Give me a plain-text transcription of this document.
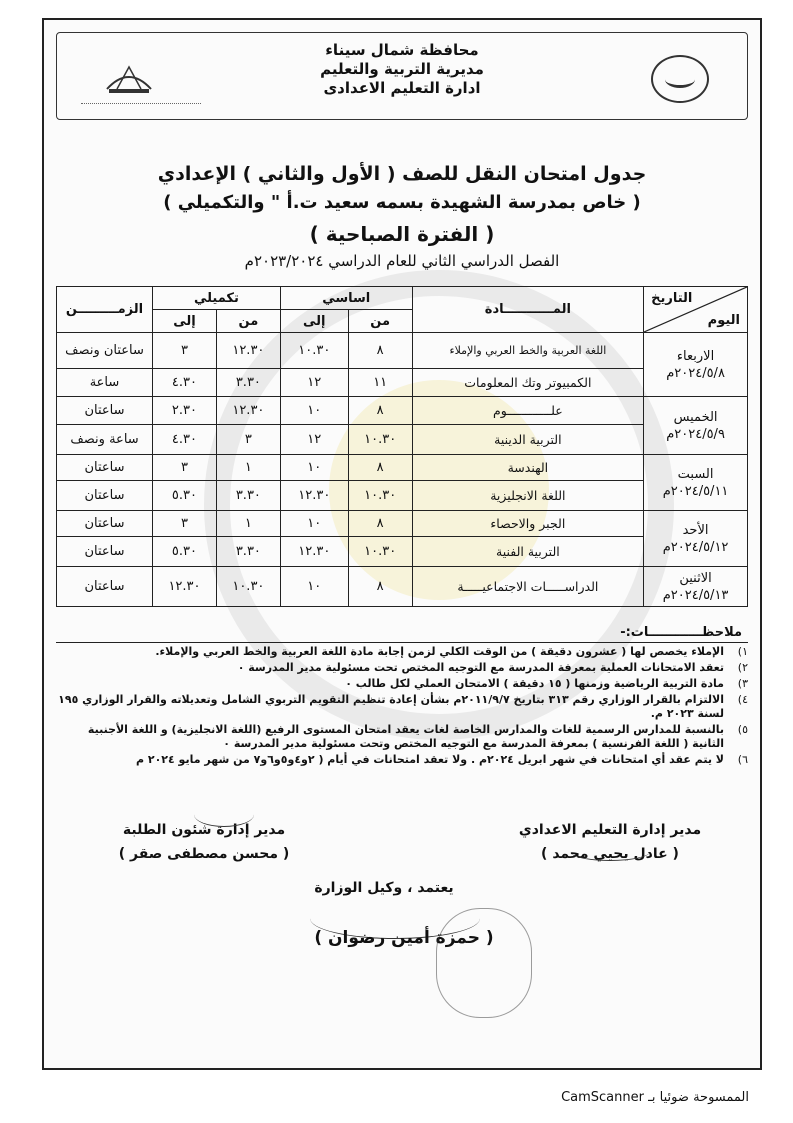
محافظة شمال سيناء
مديرية التربية والتعليم
ادارة التعليم الاعدادى
جدول امتحان النقل للصف ( الأول والثاني ) الإعدادي
( خاص بمدرسة الشهيدة بسمه سعيد ت.أ " والتكميلي )
( الفترة الصباحية )
الفصل الدراسي الثاني للعام الدراسي ٢٠٢٣/٢٠٢٤م
التاريخ
اليوم	المـــــــــــادة	اساسي		تكميلي		الزمـــــــــن
		من	إلى	من	إلى	

الاربعاء
٢٠٢٤/٥/٨م	اللغة العربية والخط العربي والإملاء	٨	١٠.٣٠	١٢.٣٠	٣	ساعتان ونصف
	الكمبيوتر وتك المعلومات	١١	١٢	٣.٣٠	٤.٣٠	ساعة

الخميس
٢٠٢٤/٥/٩م	علــــــــــــوم	٨	١٠	١٢.٣٠	٢.٣٠	ساعتان
	التربية الدينية	١٠.٣٠	١٢	٣	٤.٣٠	ساعة ونصف

السبت
٢٠٢٤/٥/١١م	الهندسة	٨	١٠	١	٣	ساعتان
	اللغة الانجليزية	١٠.٣٠	١٢.٣٠	٣.٣٠	٥.٣٠	ساعتان

الأحد
٢٠٢٤/٥/١٢م	الجبر والاحصاء	٨	١٠	١	٣	ساعتان
	التربية الفنية	١٠.٣٠	١٢.٣٠	٣.٣٠	٥.٣٠	ساعتان

الاثنين
٢٠٢٤/٥/١٣م	الدراســـــات الاجتماعيـــــة	٨	١٠	١٠.٣٠	١٢.٣٠	ساعتان
ملاحظــــــــــــات:-
١)
الإملاء يخصص لها ( عشرون دقيقة ) من الوقت الكلي لزمن إجابة مادة اللغة العربية والخط العربي والإملاء.
٢)
تعقد الامتحانات العملية بمعرفة المدرسة مع التوجيه المختص تحت مسئولية مدير المدرسة ٠
٣)
مادة التربية الرياضية وزمنها ( ١٥ دقيقة ) الامتحان العملي لكل طالب ٠
٤)
الالتزام بالقرار الوزاري رقم ٣١٣ بتاريخ ٢٠١١/٩/٧م بشأن إعادة تنظيم التقويم التربوي الشامل وتعديلاته والقرار الوزاري ١٩٥ لسنة ٢٠٢٣ م.
٥)
بالنسبة للمدارس الرسمية للغات والمدارس الخاصة لغات يعقد امتحان المستوى الرفيع (اللغة الانجليزية) و اللغة الأجنبية الثانية ( اللغة الفرنسية ) بمعرفة المدرسة مع التوجيه المختص وتحت مسئولية مدير المدرسة ٠
٦)
لا يتم عقد أي امتحانات في شهر ابريل ٢٠٢٤م . ولا تعقد امتحانات في أيام ( ٢و٤و٥و٦و٧ من شهر مايو ٢٠٢٤ م
مدير إدارة التعليم الاعدادي
( عادل يحيي محمد )
مدير إدارة شئون الطلبة
( محسن مصطفى صقر )
يعتمد ، وكيل الوزارة
( حمزة أمين رضوان )
الممسوحة ضوئيا بـ CamScanner
